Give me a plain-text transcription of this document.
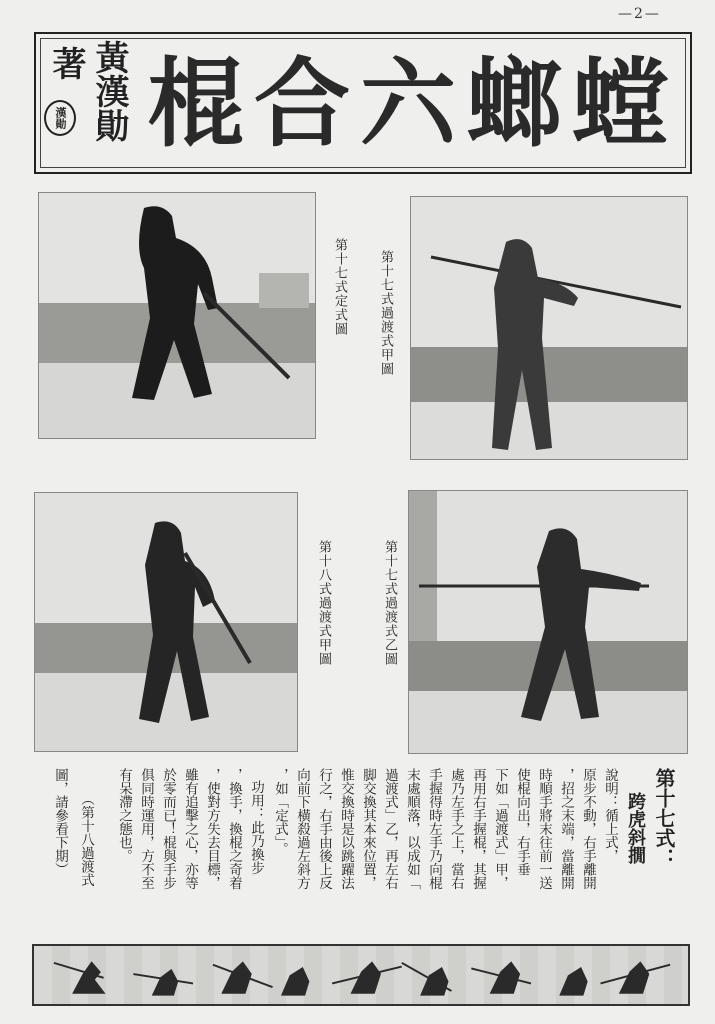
—2—
著
漢勛 黃漢勛 螳螂六合棍
第十七式定式圖 第十七式過渡式甲圖
第十八式過渡式甲圖	第十七式過渡式乙圖
第十七式：
跨虎斜撊
說明：循上式，
原步不動，右手離開
，招之末端，當離開
時順手將末往前一送
使棍向出，右手垂
下如「過渡式」甲，
再用右手握棍，其握
處乃左手之上，當右
手握得時左手乃向棍
末處順落，以成如「
過渡式」乙，再左右
脚交換其本來位置，
惟交換時是以跳躍法
行之，右手由後上反
向前下橫殺過左斜方
，如「定式」。
功用：此乃換步
，換手，換棍之奇着
，使對方失去目標，
雖有追擊之心，亦等
於零而已！棍與手步
俱同時運用，方不至
有呆滯之態也。
（第十八過渡式
圖，請參看下期）
